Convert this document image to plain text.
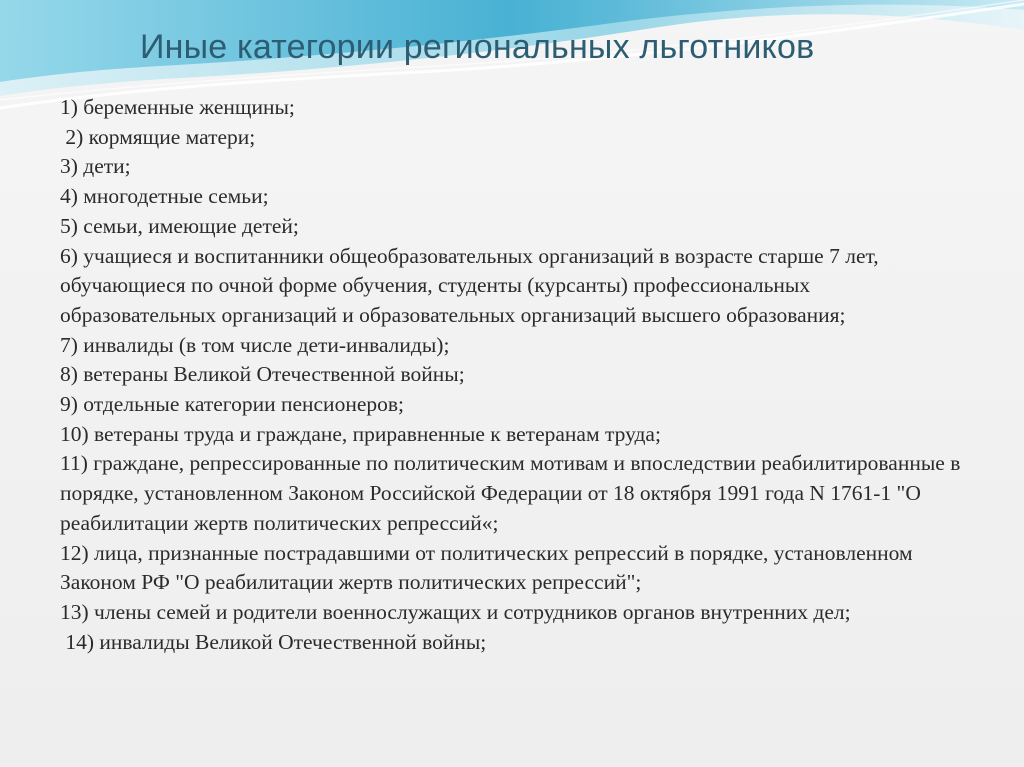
Иные категории региональных льготников
1) беременные женщины;
2) кормящие матери;
3) дети;
4) многодетные семьи;
5) семьи, имеющие детей;
6) учащиеся и воспитанники общеобразовательных организаций в возрасте старше 7 лет, обучающиеся по очной форме обучения, студенты (курсанты) профессиональных образовательных организаций и образовательных организаций высшего образования;
7) инвалиды (в том числе дети-инвалиды);
8) ветераны Великой Отечественной войны;
9) отдельные категории пенсионеров;
10) ветераны труда и граждане, приравненные к ветеранам труда;
11) граждане, репрессированные по политическим мотивам и впоследствии реабилитированные в порядке, установленном Законом Российской Федерации от 18 октября 1991 года N 1761-1 "О реабилитации жертв политических репрессий«;
12) лица, признанные пострадавшими от политических репрессий в порядке, установленном Законом РФ "О реабилитации жертв политических репрессий";
13) члены семей и родители военнослужащих и сотрудников органов внутренних дел;
14) инвалиды Великой Отечественной войны;
